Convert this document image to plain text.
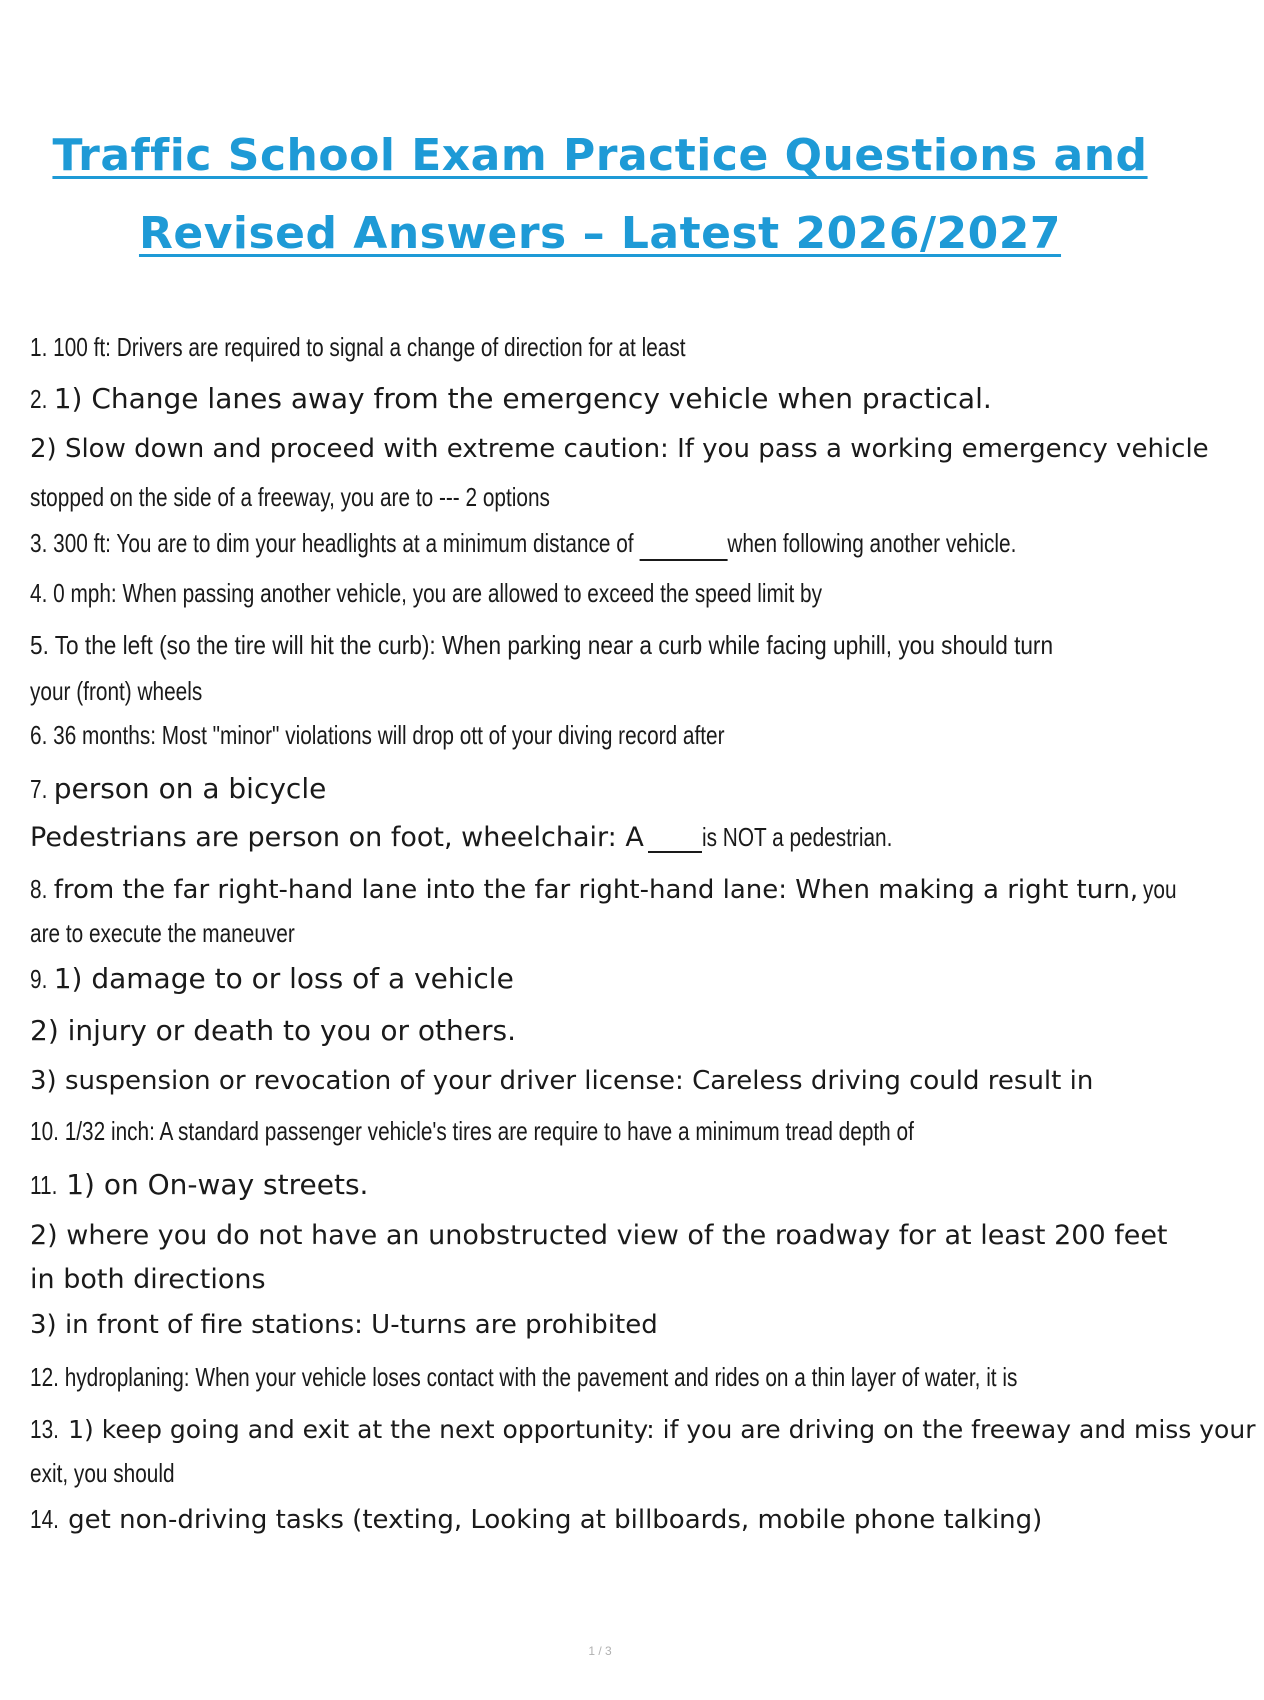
Traffic School Exam Practice Questions and
Revised Answers – Latest 2026/2027
1. 100 ft: Drivers are required to signal a change of direction for at least
2. 1) Change lanes away from the emergency vehicle when practical.
2) Slow down and proceed with extreme caution: If you pass a working emergency vehicle
stopped on the side of a freeway, you are to --- 2 options
3. 300 ft: You are to dim your headlights at a minimum distance of	when following another vehicle.
4. 0 mph: When passing another vehicle, you are allowed to exceed the speed limit by
5. To the left (so the tire will hit the curb): When parking near a curb while facing uphill, you should turn
your (front) wheels
6. 36 months: Most "minor" violations will drop ott of your diving record after
7. person on a bicycle
Pedestrians are person on foot, wheelchair: A is NOT a pedestrian.
8. from the far right-hand lane into the far right-hand lane: When making a right turn, you
are to execute the maneuver
9. 1) damage to or loss of a vehicle
2) injury or death to you or others.
3) suspension or revocation of your driver license: Careless driving could result in
10. 1/32 inch: A standard passenger vehicle's tires are require to have a minimum tread depth of
11. 1) on On-way streets.
2) where you do not have an unobstructed view of the roadway for at least 200 feet
in both directions
3) in front of fire stations: U-turns are prohibited
12. hydroplaning: When your vehicle loses contact with the pavement and rides on a thin layer of water, it is
13. 1) keep going and exit at the next opportunity: if you are driving on the freeway and miss your
exit, you should
14. get non-driving tasks (texting, Looking at billboards, mobile phone talking)
1 / 3
